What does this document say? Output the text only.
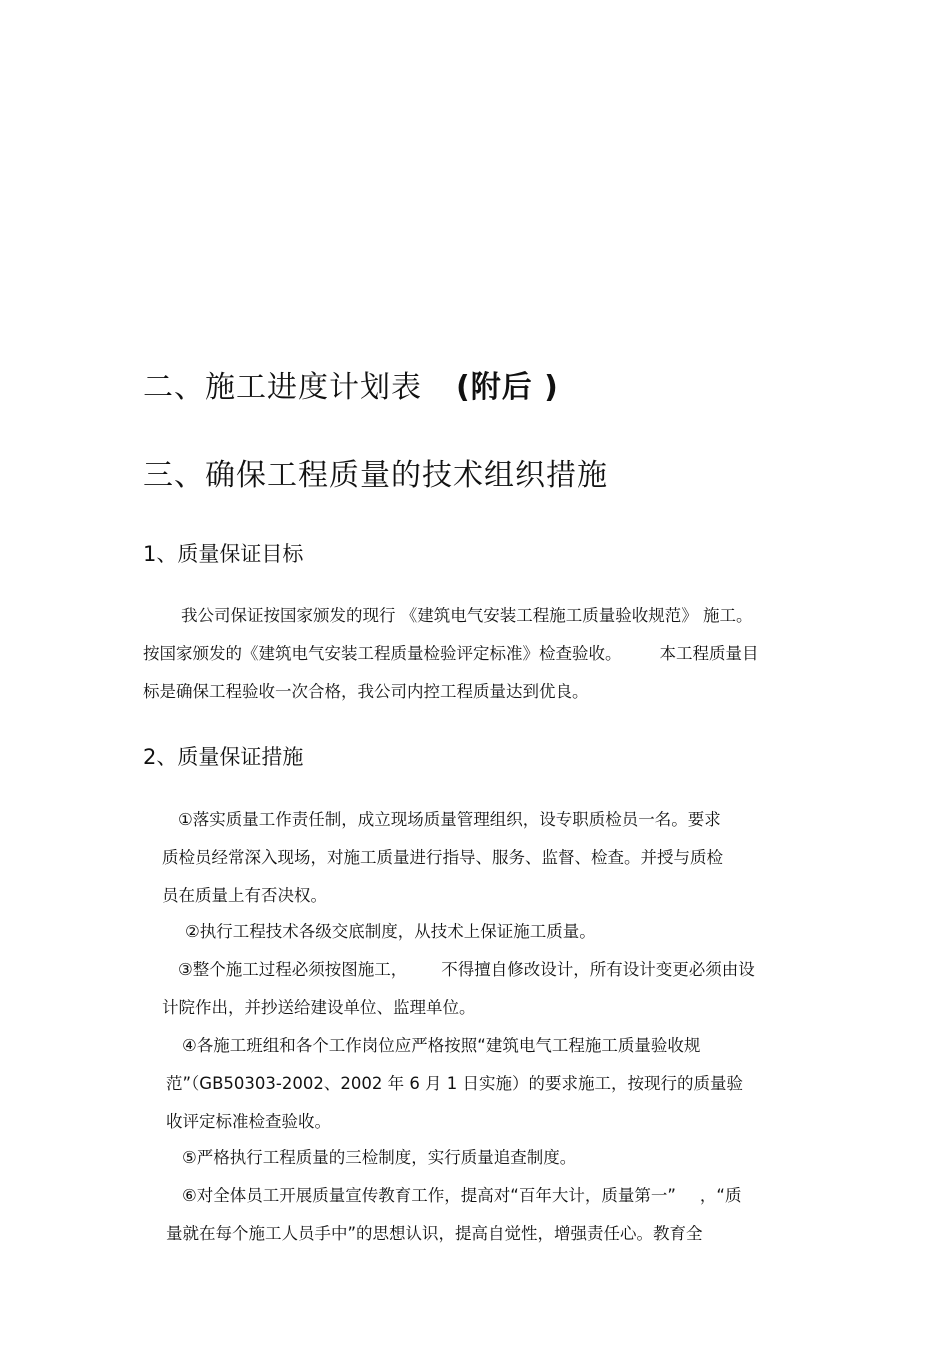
二、施工进度计划表 (附后 )

三、确保工程质量的技术组织措施

1、质量保证目标

我公司保证按国家颁发的现行 《建筑电气安装工程施工质量验收规范》 施工。

按国家颁发的《建筑电气安装工程质量检验评定标准》检查验收。 本工程质量目

标是确保工程验收一次合格，我公司内控工程质量达到优良。

2、质量保证措施

①落实质量工作责任制，成立现场质量管理组织，设专职质检员一名。要求

质检员经常深入现场，对施工质量进行指导、服务、监督、检查。并授与质检

员在质量上有否决权。

②执行工程技术各级交底制度，从技术上保证施工质量。

③整个施工过程必须按图施工， 不得擅自修改设计，所有设计变更必须由设

计院作出，并抄送给建设单位、监理单位。

④各施工班组和各个工作岗位应严格按照“建筑电气工程施工质量验收规

范”（GB50303-2002、2002 年 6 月 1 日实施）的要求施工，按现行的质量验

收评定标准检查验收。

⑤严格执行工程质量的三检制度，实行质量追查制度。

⑥对全体员工开展质量宣传教育工作，提高对“百年大计，质量第一” ，“质

量就在每个施工人员手中”的思想认识，提高自觉性，增强责任心。教育全
